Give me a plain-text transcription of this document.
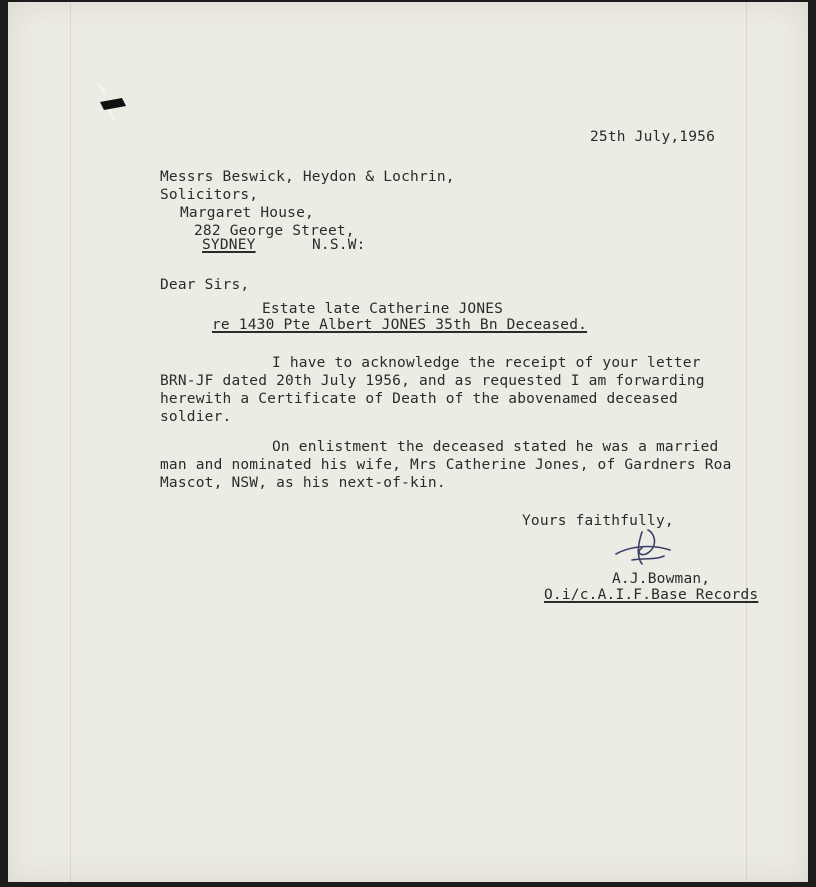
25th July,1956
Messrs Beswick, Heydon & Lochrin,
Solicitors,
Margaret House,
282 George Street,
SYDNEY	N.S.W:
Dear Sirs,
Estate late Catherine JONES
re 1430 Pte Albert JONES 35th Bn Deceased.
I have to acknowledge the receipt of your letter
BRN-JF dated 20th July 1956, and as requested I am forwarding
herewith a Certificate of Death of the abovenamed deceased
soldier.
On enlistment the deceased stated he was a married
man and nominated his wife, Mrs Catherine Jones, of Gardners Roa
Mascot, NSW, as his next-of-kin.
Yours faithfully,
A.J.Bowman,
O.i/c.A.I.F.Base Records
